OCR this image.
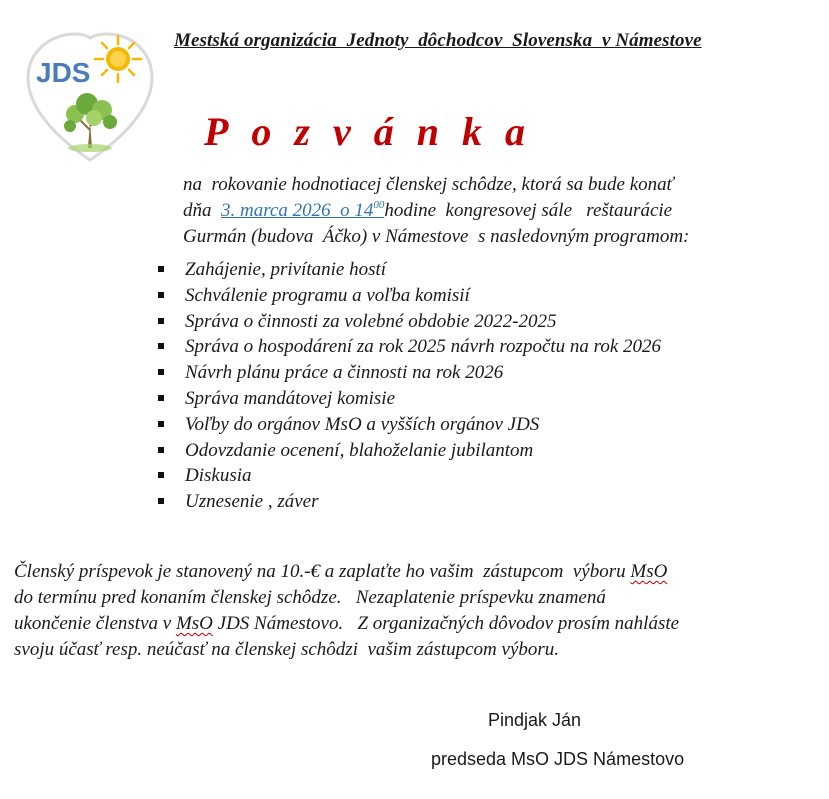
JDS
Mestská organizácia  Jednoty  dôchodcov  Slovenska  v Námestove
Pozvánka
na  rokovanie hodnotiacej členskej schôdze, ktorá sa bude konať
dňa  3. marca 2026  o $14^{00}hodine$  kongresovej sále   reštaurácie
Gurmán (budova  Áčko) v Námestove  s nasledovným programom:
Zahájenie, privítanie hostí
Schválenie programu a voľba komisií
Správa o činnosti za volebné obdobie 2022-2025
Správa o hospodárení za rok 2025 návrh rozpočtu na rok 2026
Návrh plánu práce a činnosti na rok 2026
Správa mandátovej komisie
Voľby do orgánov MsO a vyšších orgánov JDS
Odovzdanie ocenení, blahoželanie jubilantom
Diskusia
Uznesenie , záver
Členský príspevok je stanovený na 10.-€ a zaplaťte ho vašim  zástupcom  výboru MsO
do termínu pred konaním členskej schôdze.   Nezaplatenie príspevku znamená
ukončenie členstva v MsO JDS Námestovo.   Z organizačných dôvodov prosím nahláste
svoju účasť resp. neúčasť na členskej schôdzi  vašim zástupcom výboru.
Pindjak Ján
predseda MsO JDS Námestovo
